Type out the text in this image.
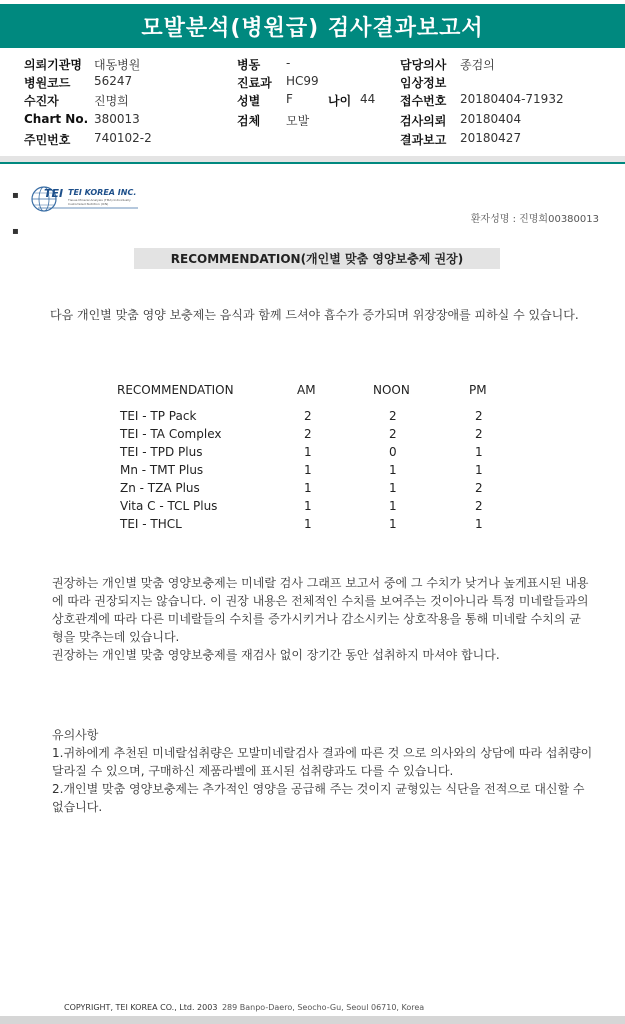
모발분석(병원급) 검사결과보고서
의뢰기관명 대동병원	병동 -	담당의사 종검의
병원코드 56247	진료과 HC99	임상정보
수진자	진명희	성별 F	나이 44 접수번호 20180404-71932
Chart No. 380013	검체 모발	검사의뢰 20180404
주민번호 740102-2	결과보고 20180427
▪
▪
TEI TEI KOREA INC.
Tissue Mineral Analysis (TMA) Individually Customized Nutrition (ICN)
환자성명 : 진명희00380013
RECOMMENDATION(개인별 맞춤 영양보충제 권장)
다음 개인별 맞춤 영양 보충제는 음식과 함께 드셔야 흡수가 증가되며 위장장애를 피하실 수 있습니다.
RECOMMENDATION	AM	NOON	PM
TEI - TP Pack	2	2	2
TEI - TA Complex	2	2	2
TEI - TPD Plus	1	0	1
Mn - TMT Plus	1	1	1
Zn - TZA Plus	1	1	2
Vita C - TCL Plus	1	1	2
TEI - THCL	1	1	1
권장하는 개인별 맞춤 영양보충제는 미네랄 검사 그래프 보고서 중에 그 수치가 낮거나 높게표시된 내용에 따라 권장되지는 않습니다. 이 권장 내용은 전체적인 수치를 보여주는 것이아니라 특정 미네랄들과의 상호관계에 따라 다른 미네랄들의 수치를 증가시키거나 감소시키는 상호작용을 통해 미네랄 수치의 균형을 맞추는데 있습니다.
권장하는 개인별 맞춤 영양보충제를 재검사 없이 장기간 동안 섭취하지 마셔야 합니다.
유의사항

1.귀하에게 추천된 미네랄섭취량은 모발미네랄검사 결과에 따른 것 으로 의사와의 상담에 따라 섭취량이 달라질 수 있으며, 구매하신 제품라벨에 표시된 섭취량과도 다를 수 있습니다.

2.개인별 맞춤 영양보충제는 추가적인 영양을 공급해 주는 것이지 균형있는 식단을 전적으로 대신할 수 없습니다.

COPYRIGHT, TEI KOREA CO., Ltd. 2003 289 Banpo-Daero, Seocho-Gu, Seoul 06710, Korea
